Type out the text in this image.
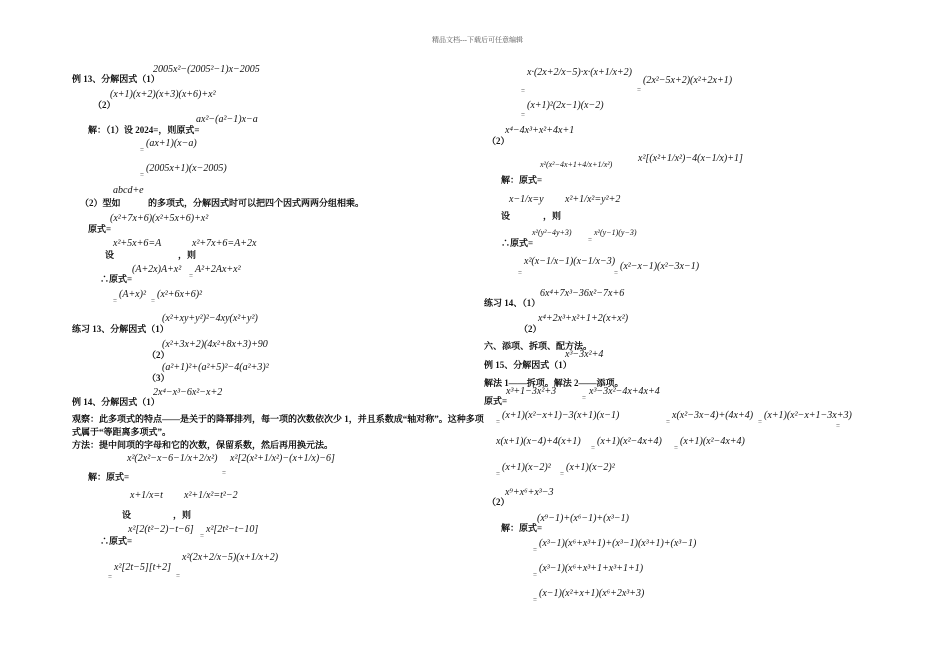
精品文档---下载后可任意编辑
例 13、分解因式（1）
2005x²−(2005²−1)x−2005
（2）
(x+1)(x+2)(x+3)(x+6)+x²
解：（1）设 2024=，则原式=
ax²−(a²−1)x−a
=
(ax+1)(x−a)
=
(2005x+1)(x−2005)
abcd+e
（2）型如	的多项式，分解因式时可以把四个因式两两分组相乘。
原式=
(x²+7x+6)(x²+5x+6)+x²
x²+5x+6=A
设	，则
x²+7x+6=A+2x
∴原式=
(A+2x)A+x²
=
A²+2Ax+x²
=
(A+x)²
=
(x²+6x+6)²
练习 13、分解因式（1）
(x²+xy+y²)²−4xy(x²+y²)
（2）
(x²+3x+2)(4x²+8x+3)+90
（3）
(a²+1)²+(a²+5)²−4(a²+3)²
例 14、分解因式（1）
2x⁴−x³−6x²−x+2
观察：此多项式的特点——是关于的降幂排列，每一项的次数依次少 1，并且系数成“轴对称”。这种多项
式属于“等距离多项式”。
方法：提中间项的字母和它的次数，保留系数，然后再用换元法。
解：原式=
x²(2x²−x−6−1/x+2/x²)
=
x²[2(x²+1/x²)−(x+1/x)−6]
x+1/x=t x²+1/x²=t²−2
设	，则
∴原式=
x²[2(t²−2)−t−6]
=
x²[2t²−t−10]
=
x²[2t−5][t+2]
=
x²(2x+2/x−5)(x+1/x+2)
=
x·(2x+2/x−5)·x·(x+1/x+2)
=
(2x²−5x+2)(x²+2x+1)
=
(x+1)²(2x−1)(x−2)
（2）
x⁴−4x³+x²+4x+1
x²(x²−4x+1+4/x+1/x²)
x²[(x²+1/x²)−4(x−1/x)+1]
解：原式=
x−1/x=y x²+1/x²=y²+2
设	，则
∴原式=
x²(y²−4y+3)
=
x²(y−1)(y−3)
=
x²(x−1/x−1)(x−1/x−3)
=
(x²−x−1)(x²−3x−1)
练习 14、（1）
6x⁴+7x³−36x²−7x+6
（2）
x⁴+2x³+x²+1+2(x+x²)
六、添项、拆项、配方法。
例 15、分解因式（1）
x³−3x²+4
解法 1——拆项。解法 2——添项。
原式=
x³+1−3x²+3
=
x³−3x²−4x+4x+4
=
(x+1)(x²−x+1)−3(x+1)(x−1)
=
x(x²−3x−4)+(4x+4)
=
(x+1)(x²−x+1−3x+3)
=
x(x+1)(x−4)+4(x+1)
=
(x+1)(x²−4x+4)
=
(x+1)(x²−4x+4)
=
(x+1)(x−2)²
=
(x+1)(x−2)²
（2）
x⁹+x⁶+x³−3
解：原式=
(x⁹−1)+(x⁶−1)+(x³−1)
=
(x³−1)(x⁶+x³+1)+(x³−1)(x³+1)+(x³−1)
=
(x³−1)(x⁶+x³+1+x³+1+1)
=
(x−1)(x²+x+1)(x⁶+2x³+3)
